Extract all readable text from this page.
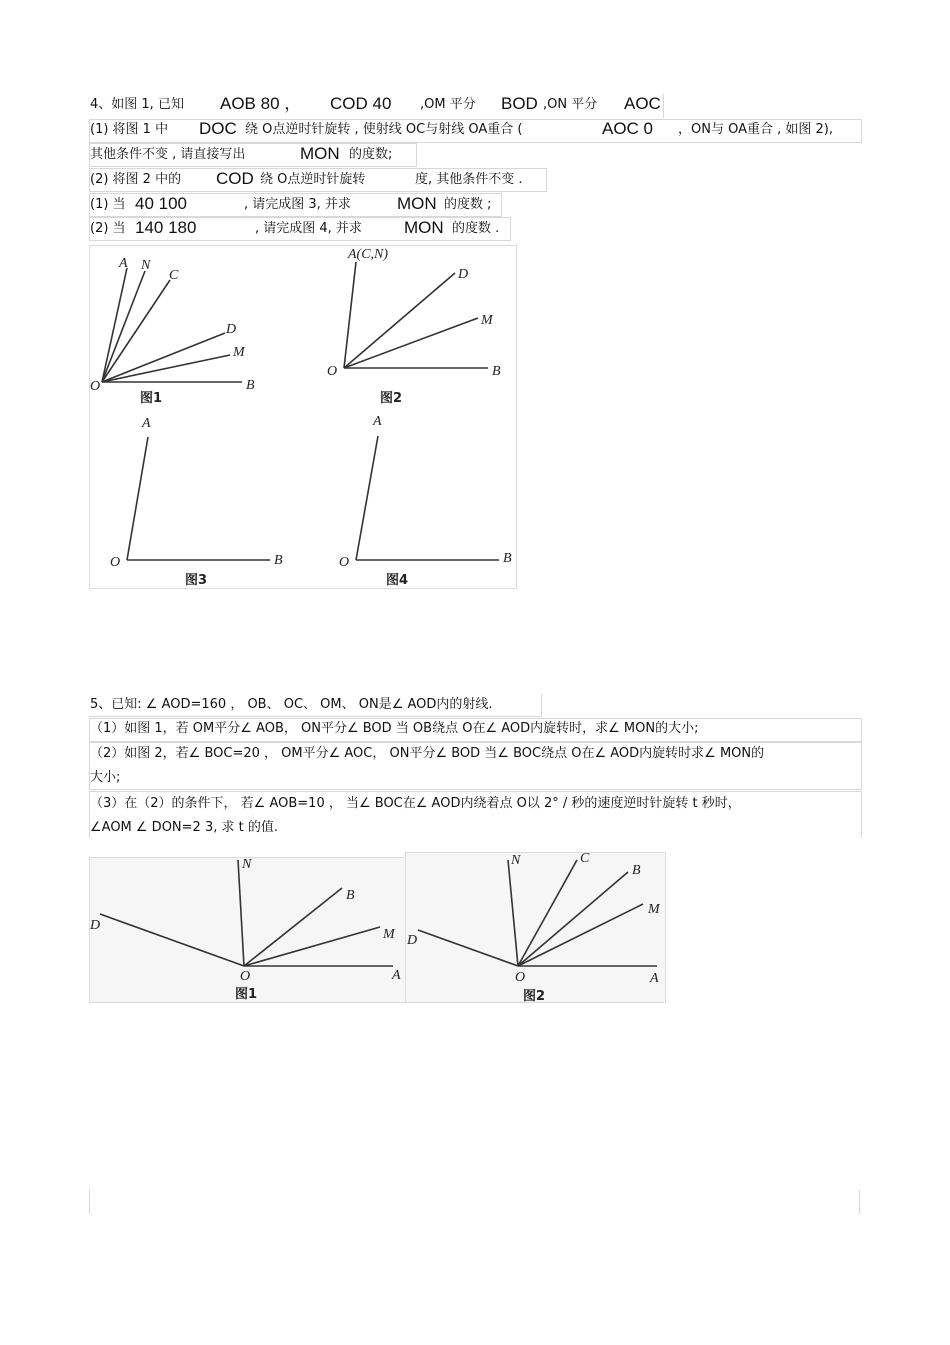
4、如图 1, 已知 AOB 80 ， COD 40 ,OM 平分 BOD ,ON 平分 AOC
(1) 将图 1 中 DOC 绕 O点逆时针旋转 , 使射线 OC与射线 OA重合 (	AOC 0 ，ON与 OA重合 , 如图 2),
其他条件不变 , 请直接写出	MON 的度数;
(2) 将图 2 中的 COD 绕 O点逆时针旋转	度, 其他条件不变 .
(1) 当 40 100	, 请完成图 3, 并求	MON 的度数 ;
(2) 当 140 180	, 请完成图 4, 并求 MON 的度数 .
A N
C
D
M
O	B
图1
A(C,N)
D
M
O	B
图2
A
O	B
图3
A
O	B
图4
5、已知: ∠ AOD=160 ， OB、 OC、 OM、 ON是∠ AOD内的射线.
（1）如图 1，若 OM平分∠ AOB， ON平分∠ BOD 当 OB绕点 O在∠ AOD内旋转时，求∠ MON的大小;
（2）如图 2，若∠ BOC=20 ， OM平分∠ AOC， ON平分∠ BOD 当∠ BOC绕点 O在∠ AOD内旋转时求∠ MON的
大小;
（3）在（2）的条件下， 若∠ AOB=10 ， 当∠ BOC在∠ AOD内绕着点 O以 2° / 秒的速度逆时针旋转 t 秒时，
∠AOM ∠ DON=2 3, 求 t 的值.
N
B
M
D
O	A
图1
N	C
B
M
D
O	A
图2
